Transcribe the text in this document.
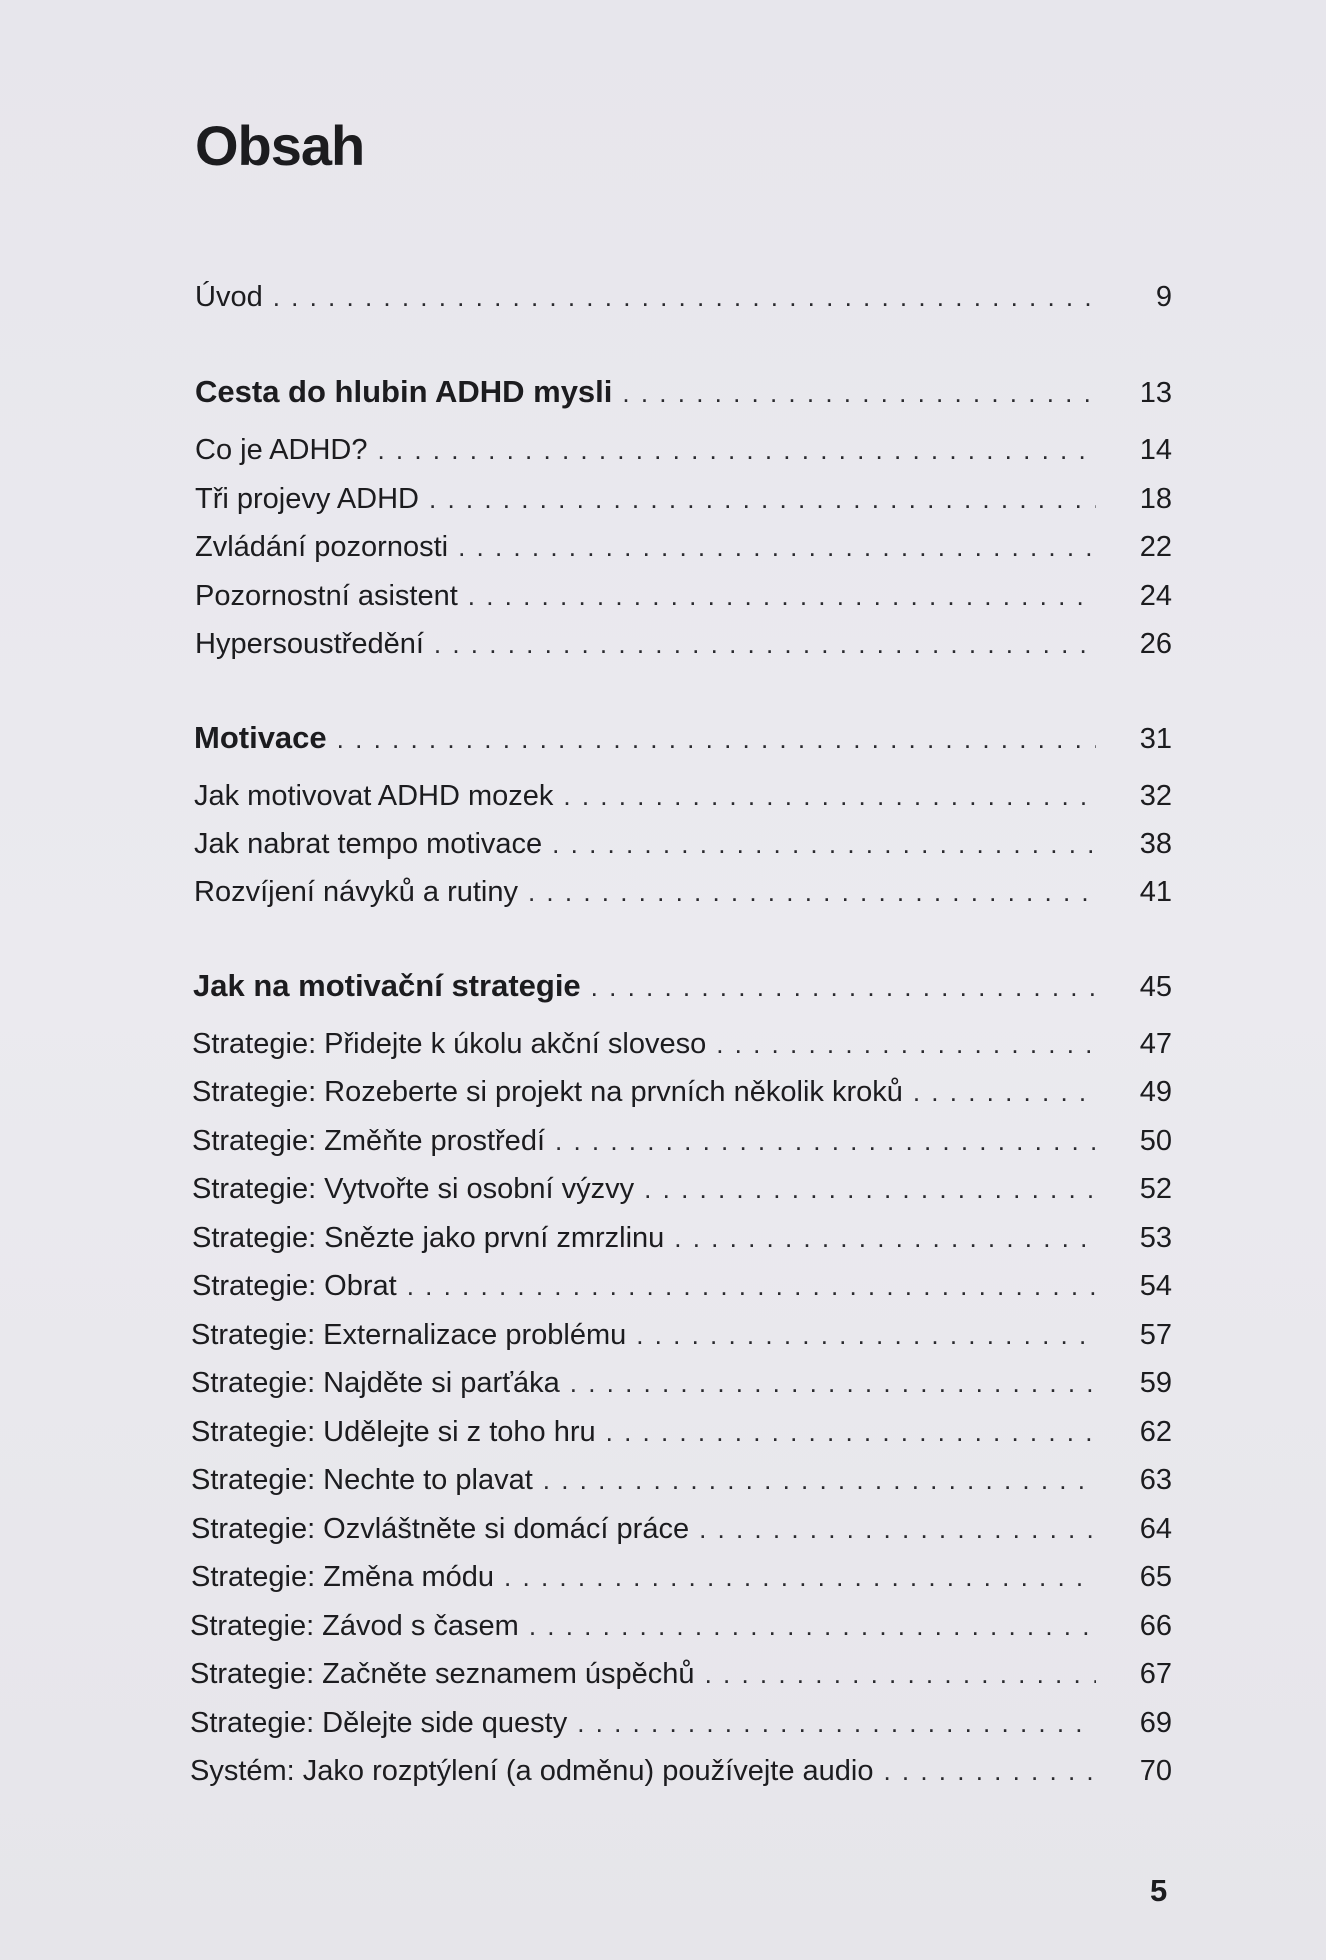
Obsah
Úvod . . .	9
Cesta do hlubin ADHD mysli . . .	13
Co je ADHD? . . .	14
Tři projevy ADHD . . .	18
Zvládání pozornosti . . .	22
Pozornostní asistent . . .	24
Hypersoustředění . . .	26
Motivace . . .	31
Jak motivovat ADHD mozek . . .	32
Jak nabrat tempo motivace . . .	38
Rozvíjení návyků a rutiny . . .	41
Jak na motivační strategie . . .	45
Strategie: Přidejte k úkolu akční sloveso . . .	47
Strategie: Rozeberte si projekt na prvních několik kroků . . .	49
Strategie: Změňte prostředí . . .	50
Strategie: Vytvořte si osobní výzvy . . .	52
Strategie: Snězte jako první zmrzlinu . . .	53
Strategie: Obrat . . .	54
Strategie: Externalizace problému . . .	57
Strategie: Najděte si parťáka . . .	59
Strategie: Udělejte si z toho hru . . .	62
Strategie: Nechte to plavat . . .	63
Strategie: Ozvláštněte si domácí práce . . .	64
Strategie: Změna módu . . .	65
Strategie: Závod s časem . . .	66
Strategie: Začněte seznamem úspěchů . . .	67
Strategie: Dělejte side questy . . .	69
Systém: Jako rozptýlení (a odměnu) používejte audio . . .	70
5
